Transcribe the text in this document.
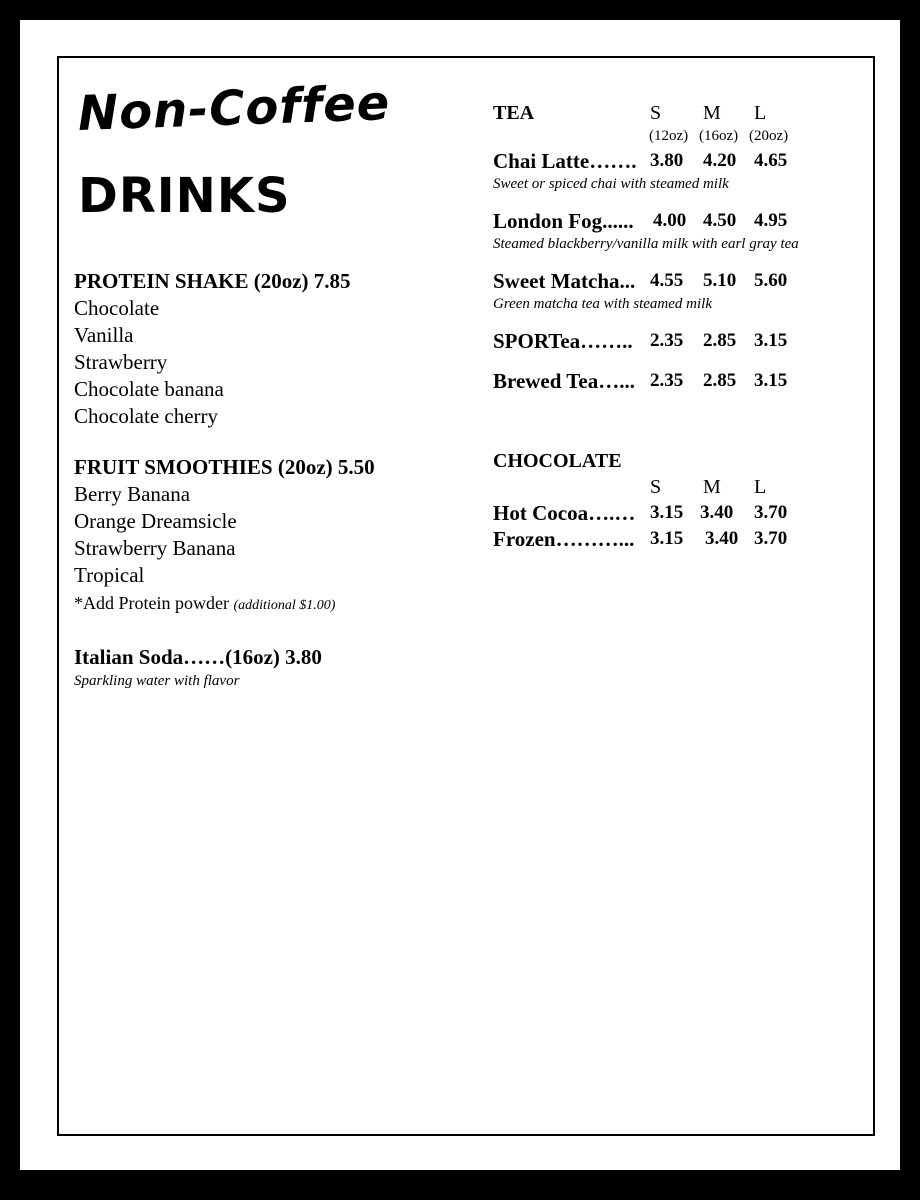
Non-Coffee
DRINKS
PROTEIN SHAKE (20oz) 7.85
Chocolate
Vanilla
Strawberry
Chocolate banana
Chocolate cherry
FRUIT SMOOTHIES (20oz) 5.50
Berry Banana
Orange Dreamsicle
Strawberry Banana
Tropical
*Add Protein powder (additional $1.00)
Italian Soda……(16oz) 3.80
Sparkling water with flavor
TEA	S M L
(12oz) (16oz) (20oz)
Chai Latte……. 3.80 4.20 4.65
Sweet or spiced chai with steamed milk
London Fog...... 4.00 4.50 4.95
Steamed blackberry/vanilla milk with earl gray tea
Sweet Matcha... 4.55 5.10 5.60
Green matcha tea with steamed milk
SPORTea…….. 2.35 2.85 3.15
Brewed Tea…... 2.35 2.85 3.15
CHOCOLATE
S M L
Hot Cocoa….… 3.15 3.40 3.70
Frozen………... 3.15 3.40 3.70
